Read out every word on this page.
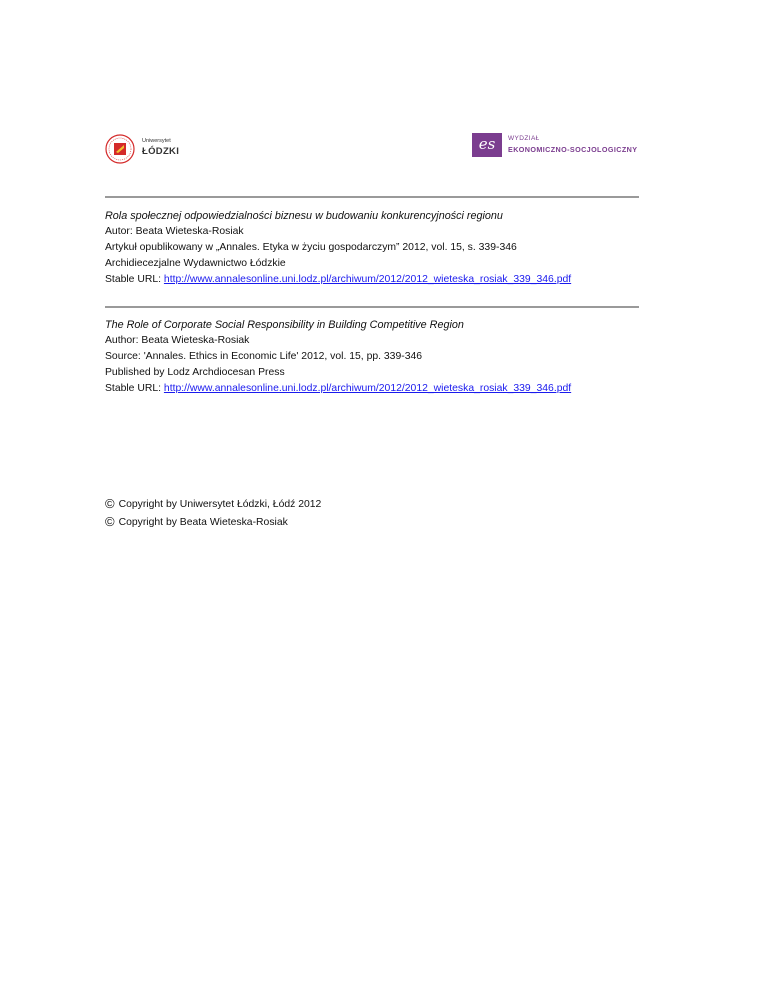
Uniwersytet
ŁÓDZKI	es	WYDZIAŁ
EKONOMICZNO-SOCJOLOGICZNY
Rola społecznej odpowiedzialności biznesu w budowaniu konkurencyjności regionu
Autor: Beata Wieteska-Rosiak
Artykuł opublikowany w „Annales. Etyka w życiu gospodarczym” 2012, vol. 15, s. 339-346
Archidiecezjalne Wydawnictwo Łódzkie
Stable URL: http://www.annalesonline.uni.lodz.pl/archiwum/2012/2012_wieteska_rosiak_339_346.pdf
The Role of Corporate Social Responsibility in Building Competitive Region
Author: Beata Wieteska-Rosiak
Source: 'Annales. Ethics in Economic Life' 2012, vol. 15, pp. 339-346
Published by Lodz Archdiocesan Press
Stable URL: http://www.annalesonline.uni.lodz.pl/archiwum/2012/2012_wieteska_rosiak_339_346.pdf
© Copyright by Uniwersytet Łódzki, Łódź 2012
© Copyright by Beata Wieteska-Rosiak
